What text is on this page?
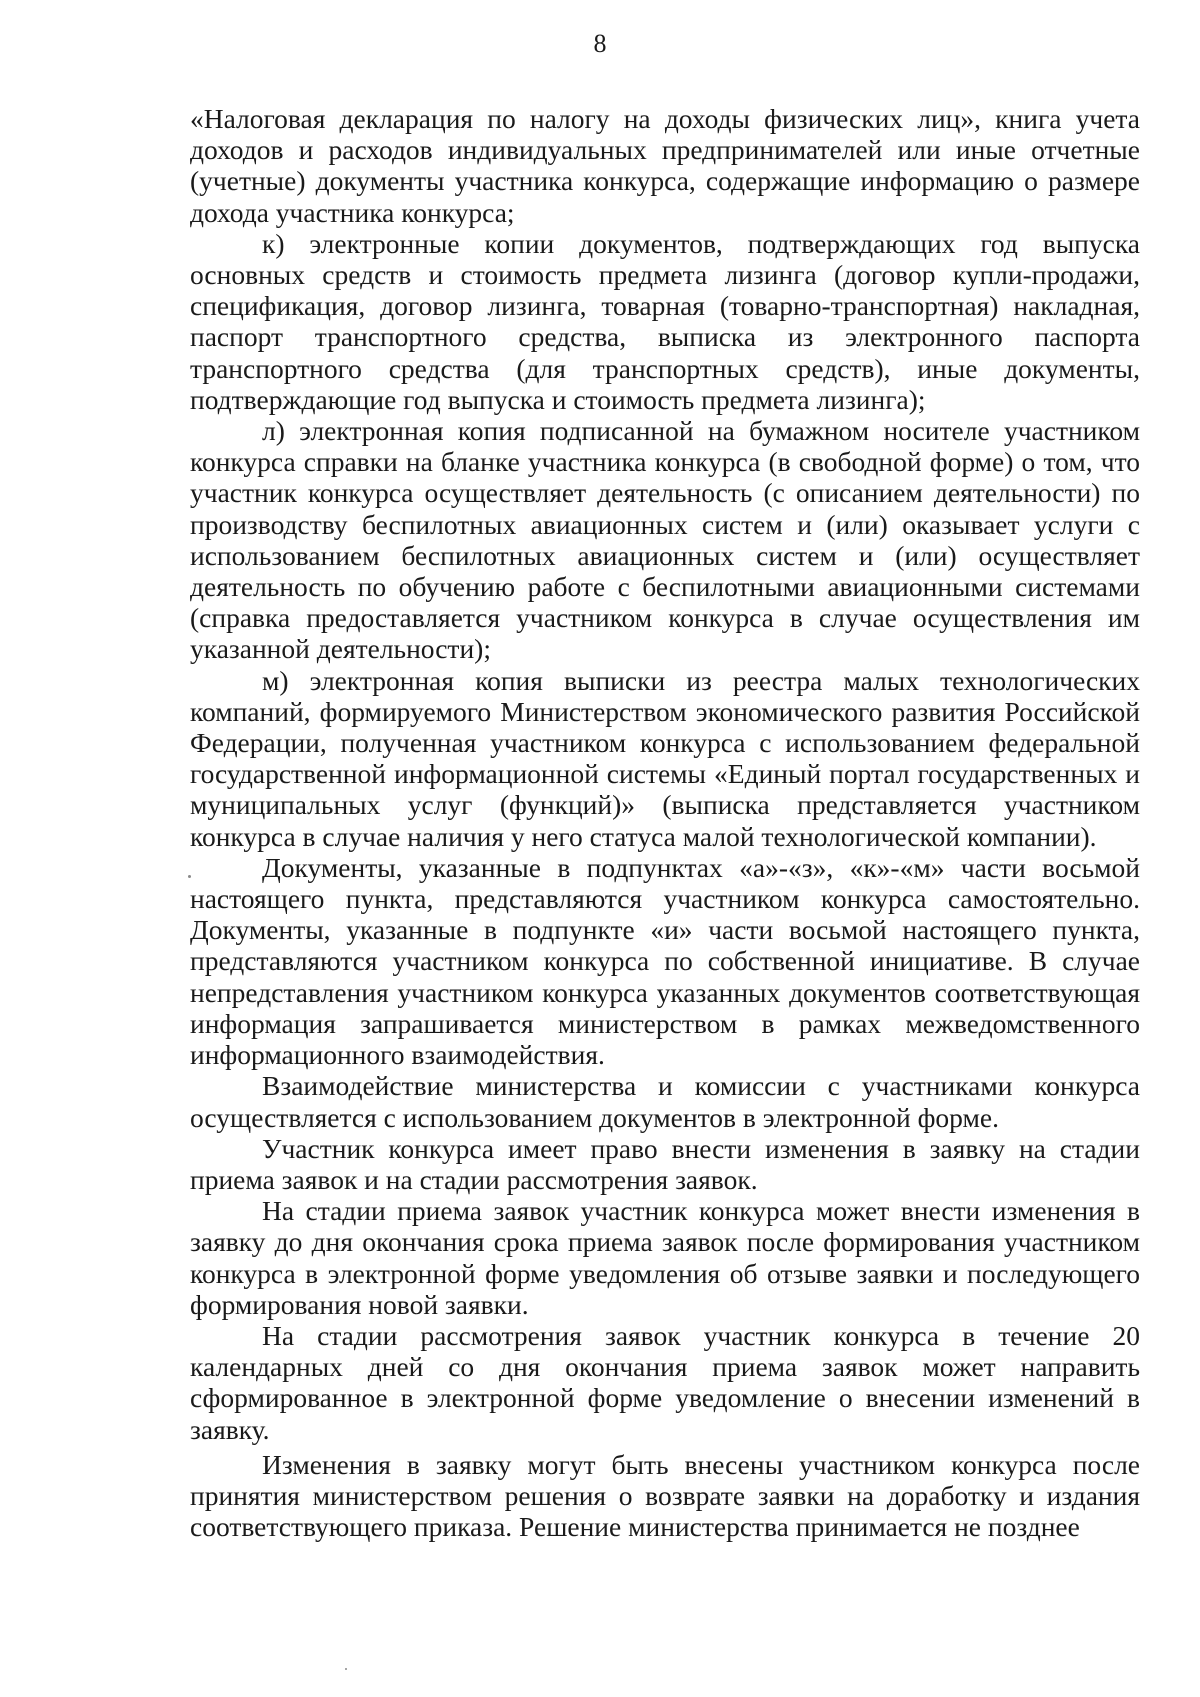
8

«Налоговая декларация по налогу на доходы физических лиц», книга учета доходов и расходов индивидуальных предпринимателей или иные отчетные (учетные) документы участника конкурса, содержащие информацию о размере дохода участника конкурса;

к) электронные копии документов, подтверждающих год выпуска основных средств и стоимость предмета лизинга (договор купли-продажи, спецификация, договор лизинга, товарная (товарно-транспортная) накладная, паспорт транспортного средства, выписка из электронного паспорта транспортного средства (для транспортных средств), иные документы, подтверждающие год выпуска и стоимость предмета лизинга);

л) электронная копия подписанной на бумажном носителе участником конкурса справки на бланке участника конкурса (в свободной форме) о том, что участник конкурса осуществляет деятельность (с описанием деятельности) по производству беспилотных авиационных систем и (или) оказывает услуги с использованием беспилотных авиационных систем и (или) осуществляет деятельность по обучению работе с беспилотными авиационными системами (справка предоставляется участником конкурса в случае осуществления им указанной деятельности);

м) электронная копия выписки из реестра малых технологических компаний, формируемого Министерством экономического развития Российской Федерации, полученная участником конкурса с использованием федеральной государственной информационной системы «Единый портал государственных и муниципальных услуг (функций)» (выписка представляется участником конкурса в случае наличия у него статуса малой технологической компании).

Документы, указанные в подпунктах «а»-«з», «к»-«м» части восьмой настоящего пункта, представляются участником конкурса самостоятельно. Документы, указанные в подпункте «и» части восьмой настоящего пункта, представляются участником конкурса по собственной инициативе. В случае непредставления участником конкурса указанных документов соответствующая информация запрашивается министерством в рамках межведомственного информационного взаимодействия.

Взаимодействие министерства и комиссии с участниками конкурса осуществляется с использованием документов в электронной форме.

Участник конкурса имеет право внести изменения в заявку на стадии приема заявок и на стадии рассмотрения заявок.

На стадии приема заявок участник конкурса может внести изменения в заявку до дня окончания срока приема заявок после формирования участником конкурса в электронной форме уведомления об отзыве заявки и последующего формирования новой заявки.

На стадии рассмотрения заявок участник конкурса в течение 20 календарных дней со дня окончания приема заявок может направить сформированное в электронной форме уведомление о внесении изменений в заявку.

Изменения в заявку могут быть внесены участником конкурса после принятия министерством решения о возврате заявки на доработку и издания соответствующего приказа. Решение министерства принимается не позднее
